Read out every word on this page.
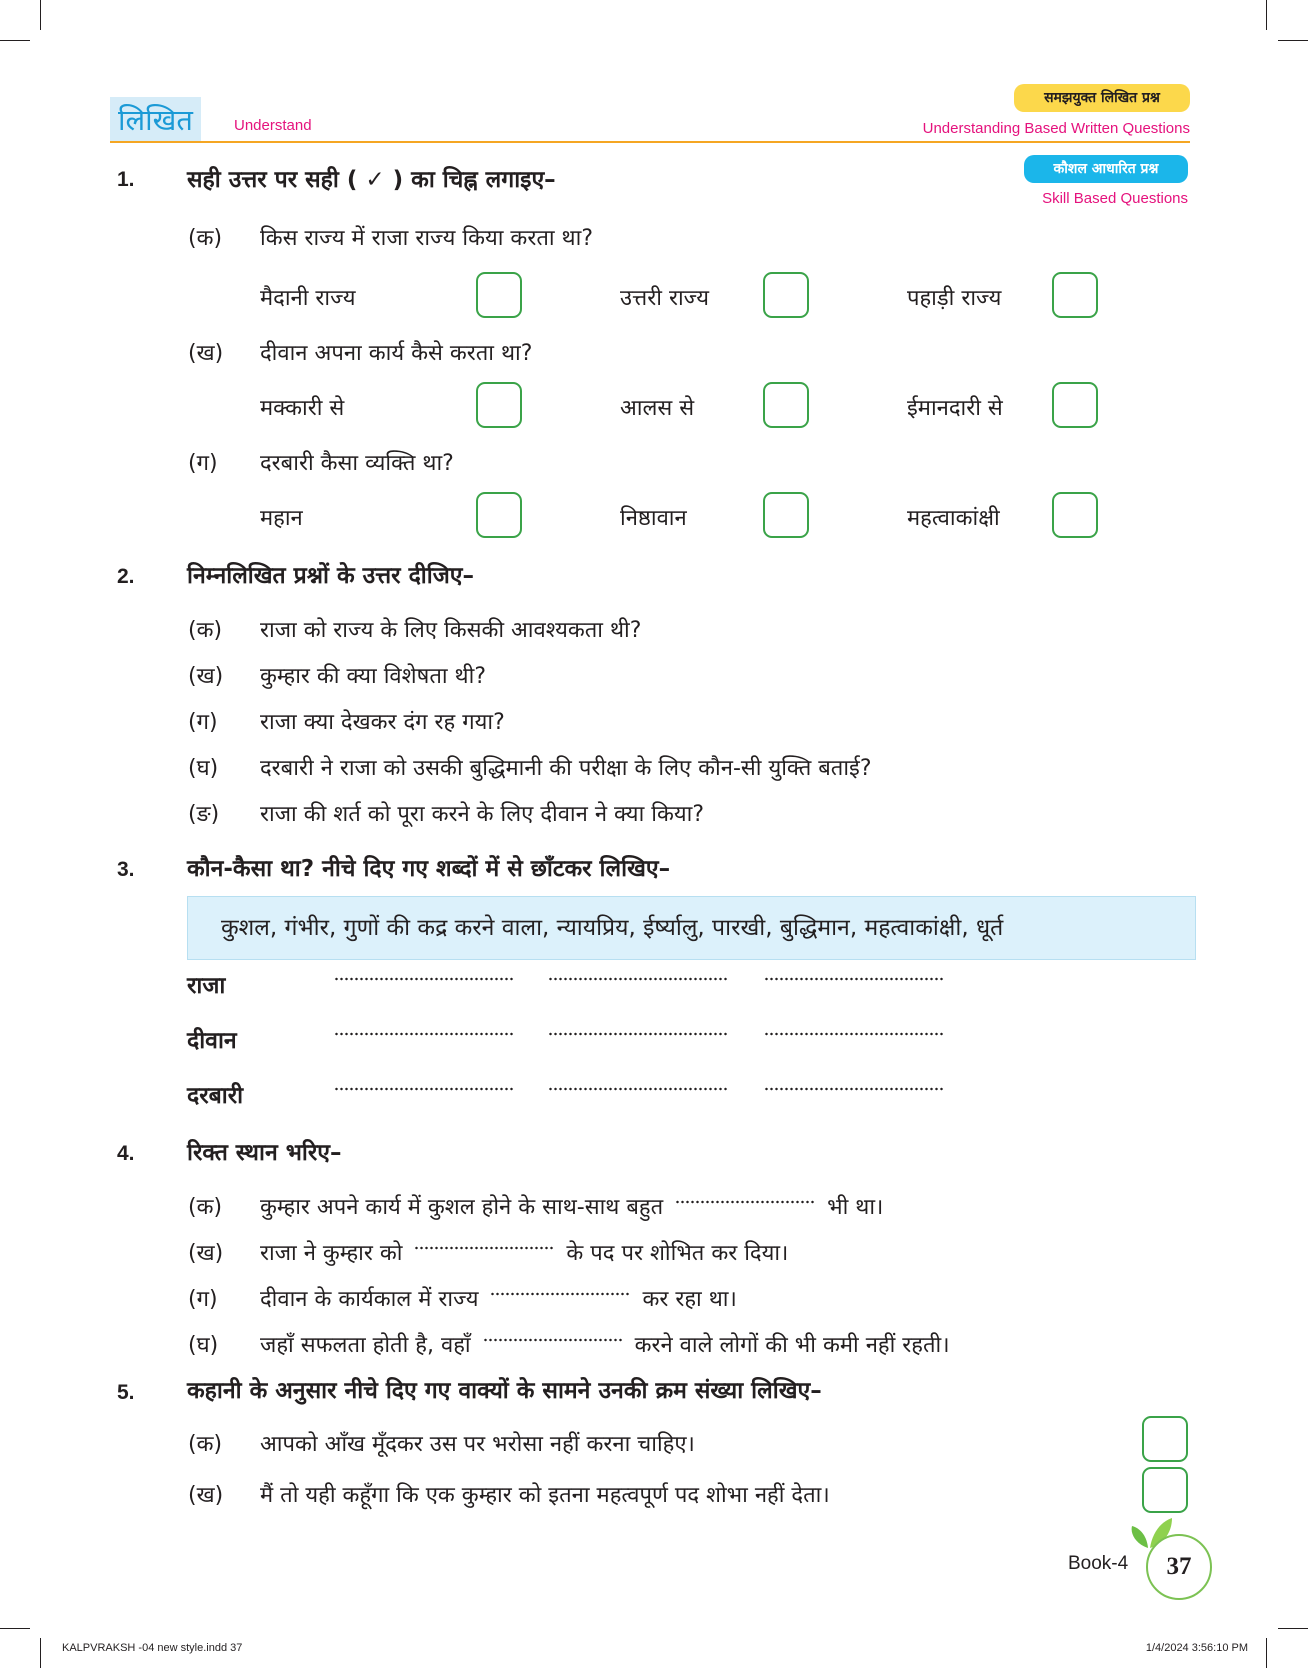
लिखित	Understand
समझयुक्त लिखित प्रश्न
Understanding Based Written Questions
कौशल आधारित प्रश्न
Skill Based Questions
1. सही उत्तर पर सही ( ✓ ) का चिह्न लगाइए–
(क) किस राज्य में राजा राज्य किया करता था?
मैदानी राज्य	उत्तरी राज्य	पहाड़ी राज्य
(ख) दीवान अपना कार्य कैसे करता था?
मक्कारी से	आलस से	ईमानदारी से
(ग) दरबारी कैसा व्यक्ति था?
महान	निष्ठावान	महत्वाकांक्षी
2. निम्नलिखित प्रश्नों के उत्तर दीजिए–
(क) राजा को राज्य के लिए किसकी आवश्यकता थी?
(ख) कुम्हार की क्या विशेषता थी?
(ग) राजा क्या देखकर दंग रह गया?
(घ) दरबारी ने राजा को उसकी बुद्धिमानी की परीक्षा के लिए कौन-सी युक्ति बताई?
(ङ) राजा की शर्त को पूरा करने के लिए दीवान ने क्या किया?
3. कौन-कैसा था? नीचे दिए गए शब्दों में से छाँटकर लिखिए–
कुशल, गंभीर, गुणों की कद्र करने वाला, न्यायप्रिय, ईर्ष्यालु, पारखी, बुद्धिमान, महत्वाकांक्षी, धूर्त
राजा
दीवान
दरबारी
4. रिक्त स्थान भरिए–
(क) कुम्हार अपने कार्य में कुशल होने के साथ-साथ बहुत	भी था।
(ख) राजा ने कुम्हार को	के पद पर शोभित कर दिया।
(ग) दीवान के कार्यकाल में राज्य	कर रहा था।
(घ) जहाँ सफलता होती है, वहाँ	करने वाले लोगों की भी कमी नहीं रहती।
5. कहानी के अनुसार नीचे दिए गए वाक्यों के सामने उनकी क्रम संख्या लिखिए–
(क) आपको आँख मूँदकर उस पर भरोसा नहीं करना चाहिए।
(ख) मैं तो यही कहूँगा कि एक कुम्हार को इतना महत्वपूर्ण पद शोभा नहीं देता।
Book-4	37
KALPVRAKSH -04 new style.indd 37	1/4/2024 3:56:10 PM
